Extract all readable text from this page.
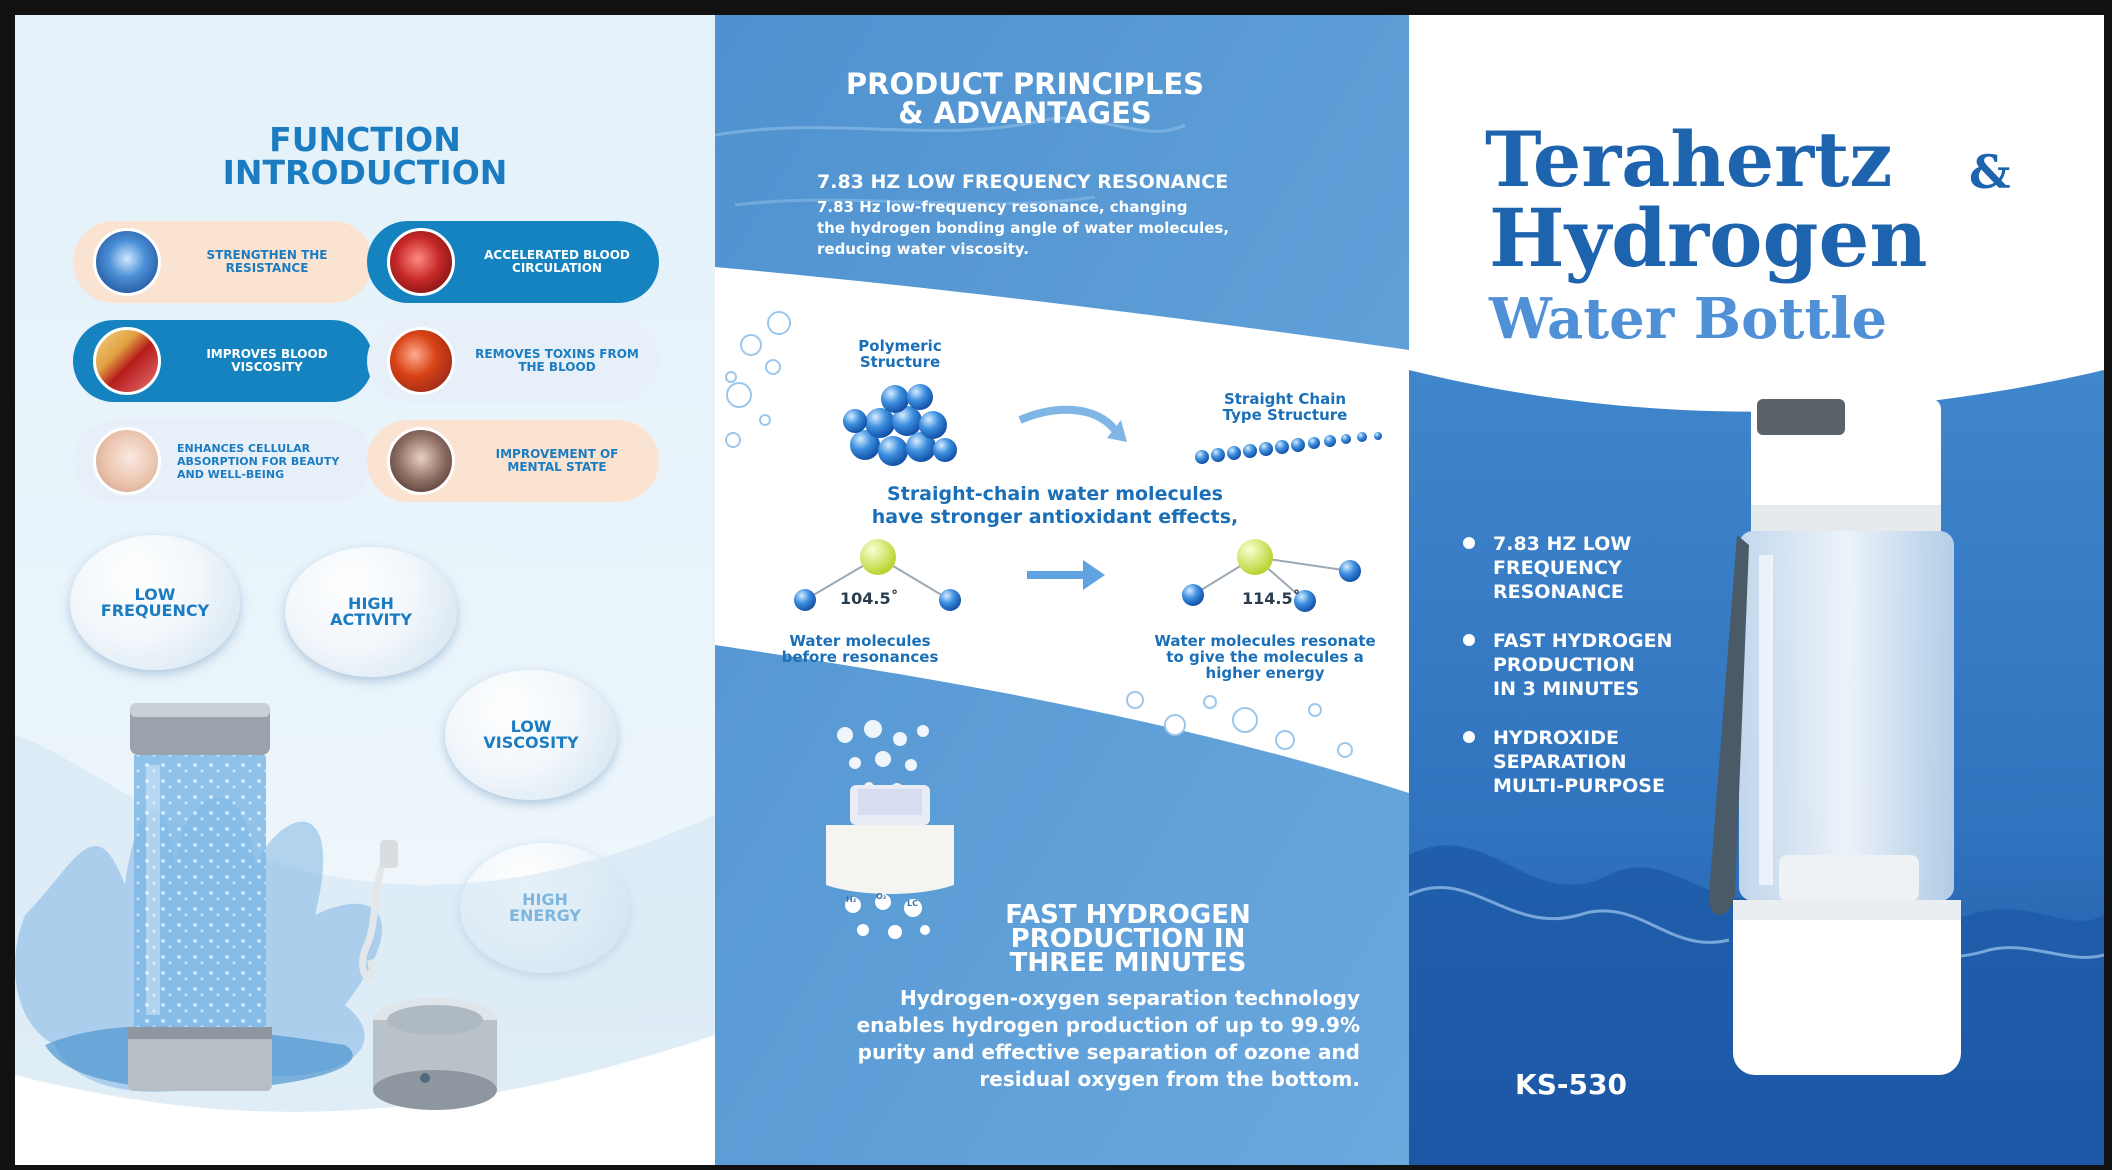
FUNCTION
INTRODUCTION
STRENGTHEN THE RESISTANCE
ACCELERATED BLOOD CIRCULATION
IMPROVES BLOOD VISCOSITY
REMOVES TOXINS FROM THE BLOOD
ENHANCES CELLULAR ABSORPTION FOR BEAUTY AND WELL-BEING
IMPROVEMENT OF MENTAL STATE
LOW
FREQUENCY	HIGH
ACTIVITY
LOW
VISCOSITY

PRODUCT PRINCIPLES
& ADVANTAGES
7.83 HZ LOW FREQUENCY RESONANCE
7.83 Hz low-frequency resonance, changing
the hydrogen bonding angle of water molecules,
reducing water viscosity.
Polymeric
Structure
Straight Chain
Type Structure
Straight-chain water molecules
have stronger antioxidant effects,
104.5˚	114.5˚
Water molecules
before resonances
Water molecules resonate
to give the molecules a
higher energy
H₂ O₂
LC	FAST HYDROGEN
PRODUCTION IN
THREE MINUTES
Hydrogen-oxygen separation technology
enables hydrogen production of up to 99.9%
purity and effective separation of ozone and
residual oxygen from the bottom.
Terahertz &
Hydrogen
Water Bottle
7.83 HZ LOW
FREQUENCY
RESONANCE
FAST HYDROGEN
PRODUCTION
IN 3 MINUTES
HYDROXIDE
SEPARATION
MULTI-PURPOSE
KS-530
